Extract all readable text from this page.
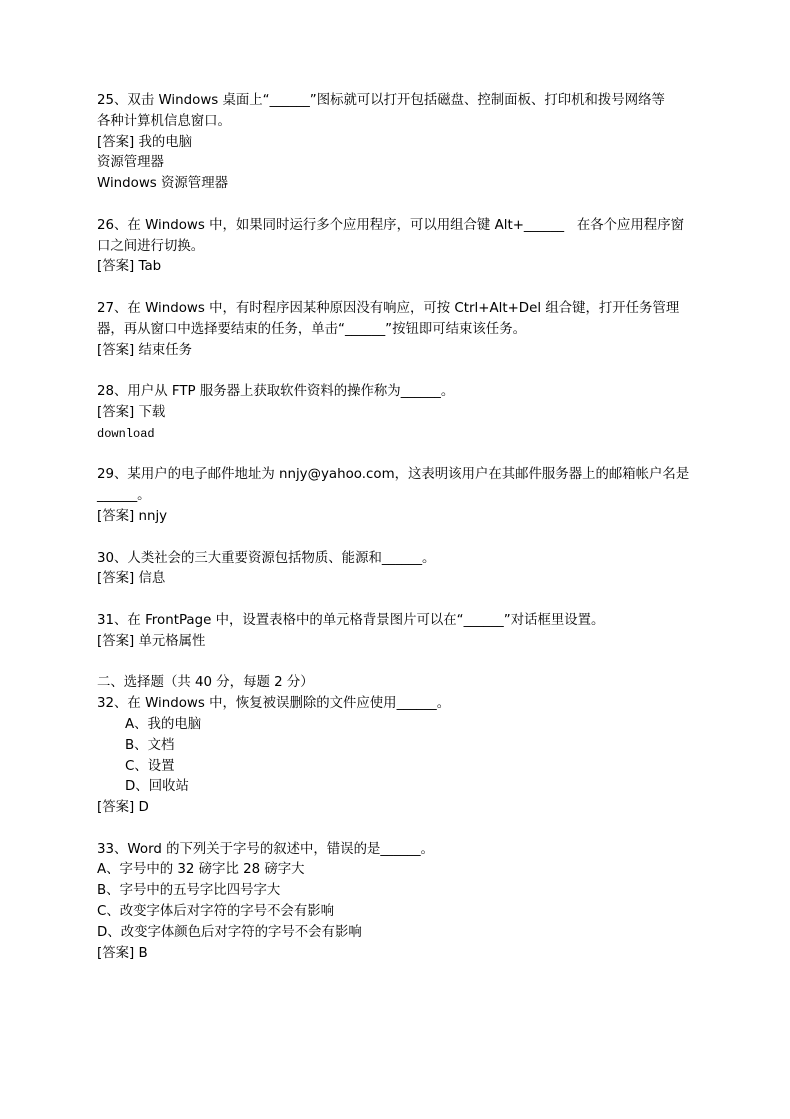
25、双击 Windows 桌面上“______”图标就可以打开包括磁盘、控制面板、打印机和拨号网络等
各种计算机信息窗口。
[答案] 我的电脑
资源管理器
Windows 资源管理器
26、在 Windows 中，如果同时运行多个应用程序，可以用组合键 Alt+______   在各个应用程序窗
口之间进行切换。
[答案] Tab
27、在 Windows 中，有时程序因某种原因没有响应，可按 Ctrl+Alt+Del 组合键，打开任务管理
器，再从窗口中选择要结束的任务，单击“______”按钮即可结束该任务。
[答案] 结束任务
28、用户从 FTP 服务器上获取软件资料的操作称为______。
[答案] 下载
download
29、某用户的电子邮件地址为 nnjy@yahoo.com，这表明该用户在其邮件服务器上的邮箱帐户名是
______。
[答案] nnjy
30、人类社会的三大重要资源包括物质、能源和______。
[答案] 信息
31、在 FrontPage 中，设置表格中的单元格背景图片可以在“______”对话框里设置。
[答案] 单元格属性
二、选择题（共 40 分，每题 2 分）
32、在 Windows 中，恢复被误删除的文件应使用______。
A、我的电脑
B、文档
C、设置
D、回收站
[答案] D
33、Word 的下列关于字号的叙述中，错误的是______。
A、字号中的 32 磅字比 28 磅字大
B、字号中的五号字比四号字大
C、改变字体后对字符的字号不会有影响
D、改变字体颜色后对字符的字号不会有影响
[答案] B
